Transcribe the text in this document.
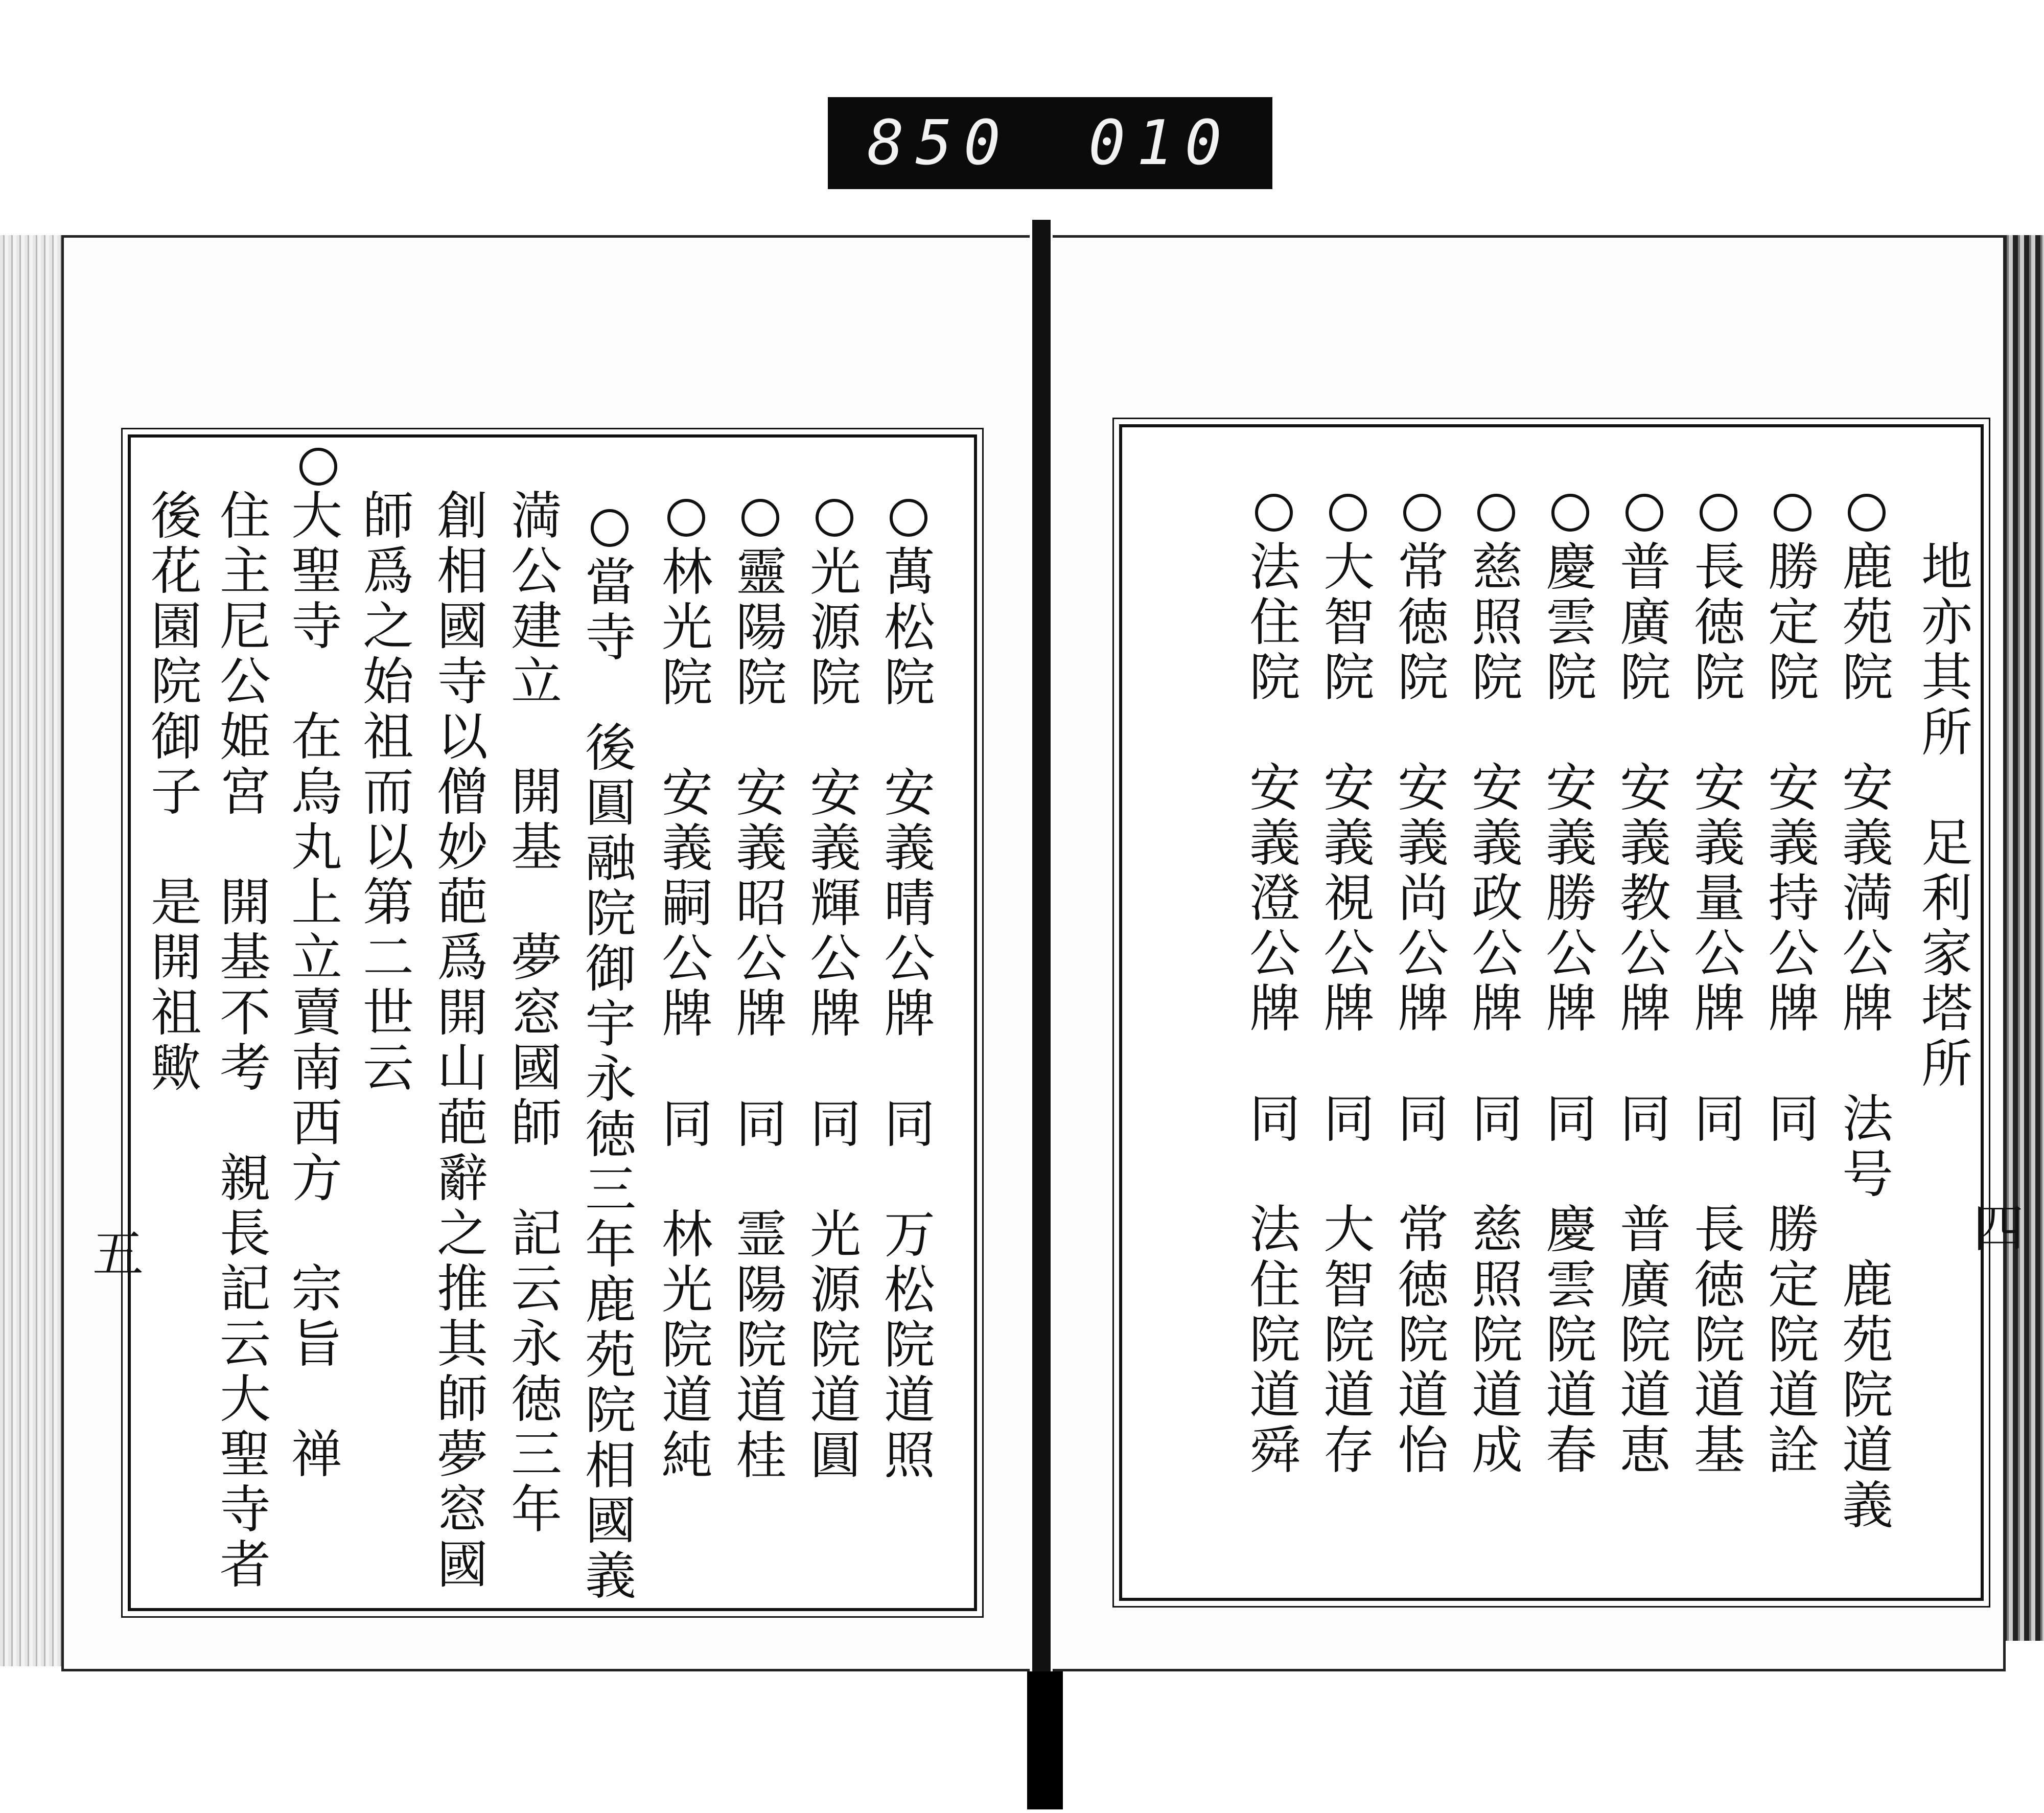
850 010
萬松院　安義晴公牌　同　万松院道照
光源院　安義輝公牌　同　光源院道圓
靈陽院　安義昭公牌　同　霊陽院道桂
林光院　安義嗣公牌　同　林光院道純
當寺　後圓融院御宇永徳三年鹿苑院相國義
満公建立　開基　夢窓國師　記云永徳三年
創相國寺以僧妙葩爲開山葩辭之推其師夢窓國
師爲之始祖而以第二世云
大聖寺　在烏丸上立賣南西方　宗旨　禅
住主尼公姫宮　開基不考　親長記云大聖寺者
後花園院御子　是開祖歟
五
地亦其所　足利家塔所
鹿苑院　安義満公牌　法号　鹿苑院道義
勝定院　安義持公牌　同　勝定院道詮
長徳院　安義量公牌　同　長徳院道基
普廣院　安義教公牌　同　普廣院道恵
慶雲院　安義勝公牌　同　慶雲院道春
慈照院　安義政公牌　同　慈照院道成
常徳院　安義尚公牌　同　常徳院道怡
大智院　安義視公牌　同　大智院道存
法住院　安義澄公牌　同　法住院道舜	四
